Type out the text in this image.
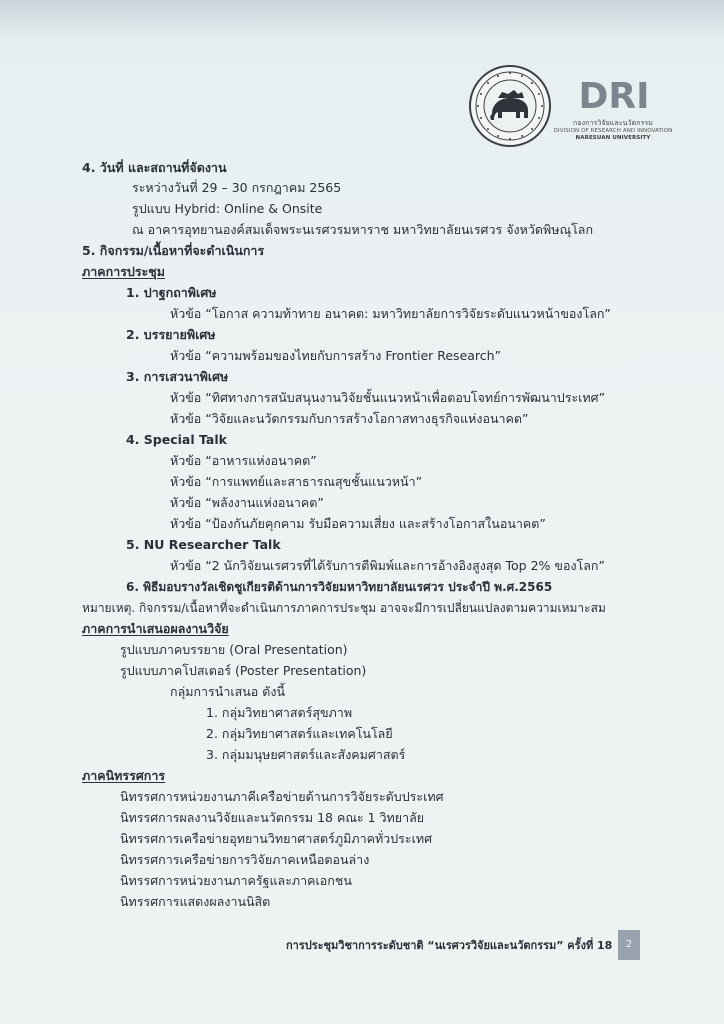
DRI
กองการวิจัยและนวัตกรรม
DIVISION OF RESEARCH AND INNOVATION
NARESUAN UNIVERSITY
4. วันที่ และสถานที่จัดงาน
ระหว่างวันที่ 29 – 30 กรกฎาคม 2565
รูปแบบ Hybrid: Online & Onsite
ณ อาคารอุทยานองค์สมเด็จพระนเรศวรมหาราช มหาวิทยาลัยนเรศวร จังหวัดพิษณุโลก
5. กิจกรรม/เนื้อหาที่จะดำเนินการ
ภาคการประชุม
1. ปาฐกถาพิเศษ
หัวข้อ “โอกาส ความท้าทาย อนาคต: มหาวิทยาลัยการวิจัยระดับแนวหน้าของโลก”
2. บรรยายพิเศษ
หัวข้อ “ความพร้อมของไทยกับการสร้าง Frontier Research”
3. การเสวนาพิเศษ
หัวข้อ “ทิศทางการสนับสนุนงานวิจัยชั้นแนวหน้าเพื่อตอบโจทย์การพัฒนาประเทศ”
หัวข้อ “วิจัยและนวัตกรรมกับการสร้างโอกาสทางธุรกิจแห่งอนาคต”
4. Special Talk
หัวข้อ “อาหารแห่งอนาคต”
หัวข้อ “การแพทย์และสาธารณสุขชั้นแนวหน้า”
หัวข้อ “พลังงานแห่งอนาคต”
หัวข้อ “ป้องกันภัยคุกคาม รับมือความเสี่ยง และสร้างโอกาสในอนาคต”
5. NU Researcher Talk
หัวข้อ “2 นักวิจัยนเรศวรที่ได้รับการตีพิมพ์และการอ้างอิงสูงสุด Top 2% ของโลก”
6. พิธีมอบรางวัลเชิดชูเกียรติด้านการวิจัยมหาวิทยาลัยนเรศวร ประจำปี พ.ศ.2565
หมายเหตุ. กิจกรรม/เนื้อหาที่จะดำเนินการภาคการประชุม อาจจะมีการเปลี่ยนแปลงตามความเหมาะสม
ภาคการนำเสนอผลงานวิจัย
รูปแบบภาคบรรยาย (Oral Presentation)
รูปแบบภาคโปสเตอร์ (Poster Presentation)
กลุ่มการนำเสนอ ดังนี้
1. กลุ่มวิทยาศาสตร์สุขภาพ
2. กลุ่มวิทยาศาสตร์และเทคโนโลยี
3. กลุ่มมนุษยศาสตร์และสังคมศาสตร์
ภาคนิทรรศการ
นิทรรศการหน่วยงานภาคีเครือข่ายด้านการวิจัยระดับประเทศ
นิทรรศการผลงานวิจัยและนวัตกรรม 18 คณะ 1 วิทยาลัย
นิทรรศการเครือข่ายอุทยานวิทยาศาสตร์ภูมิภาคทั่วประเทศ
นิทรรศการเครือข่ายการวิจัยภาคเหนือตอนล่าง
นิทรรศการหน่วยงานภาครัฐและภาคเอกชน
นิทรรศการแสดงผลงานนิสิต
การประชุมวิชาการระดับชาติ “นเรศวรวิจัยและนวัตกรรม” ครั้งที่ 18	2
